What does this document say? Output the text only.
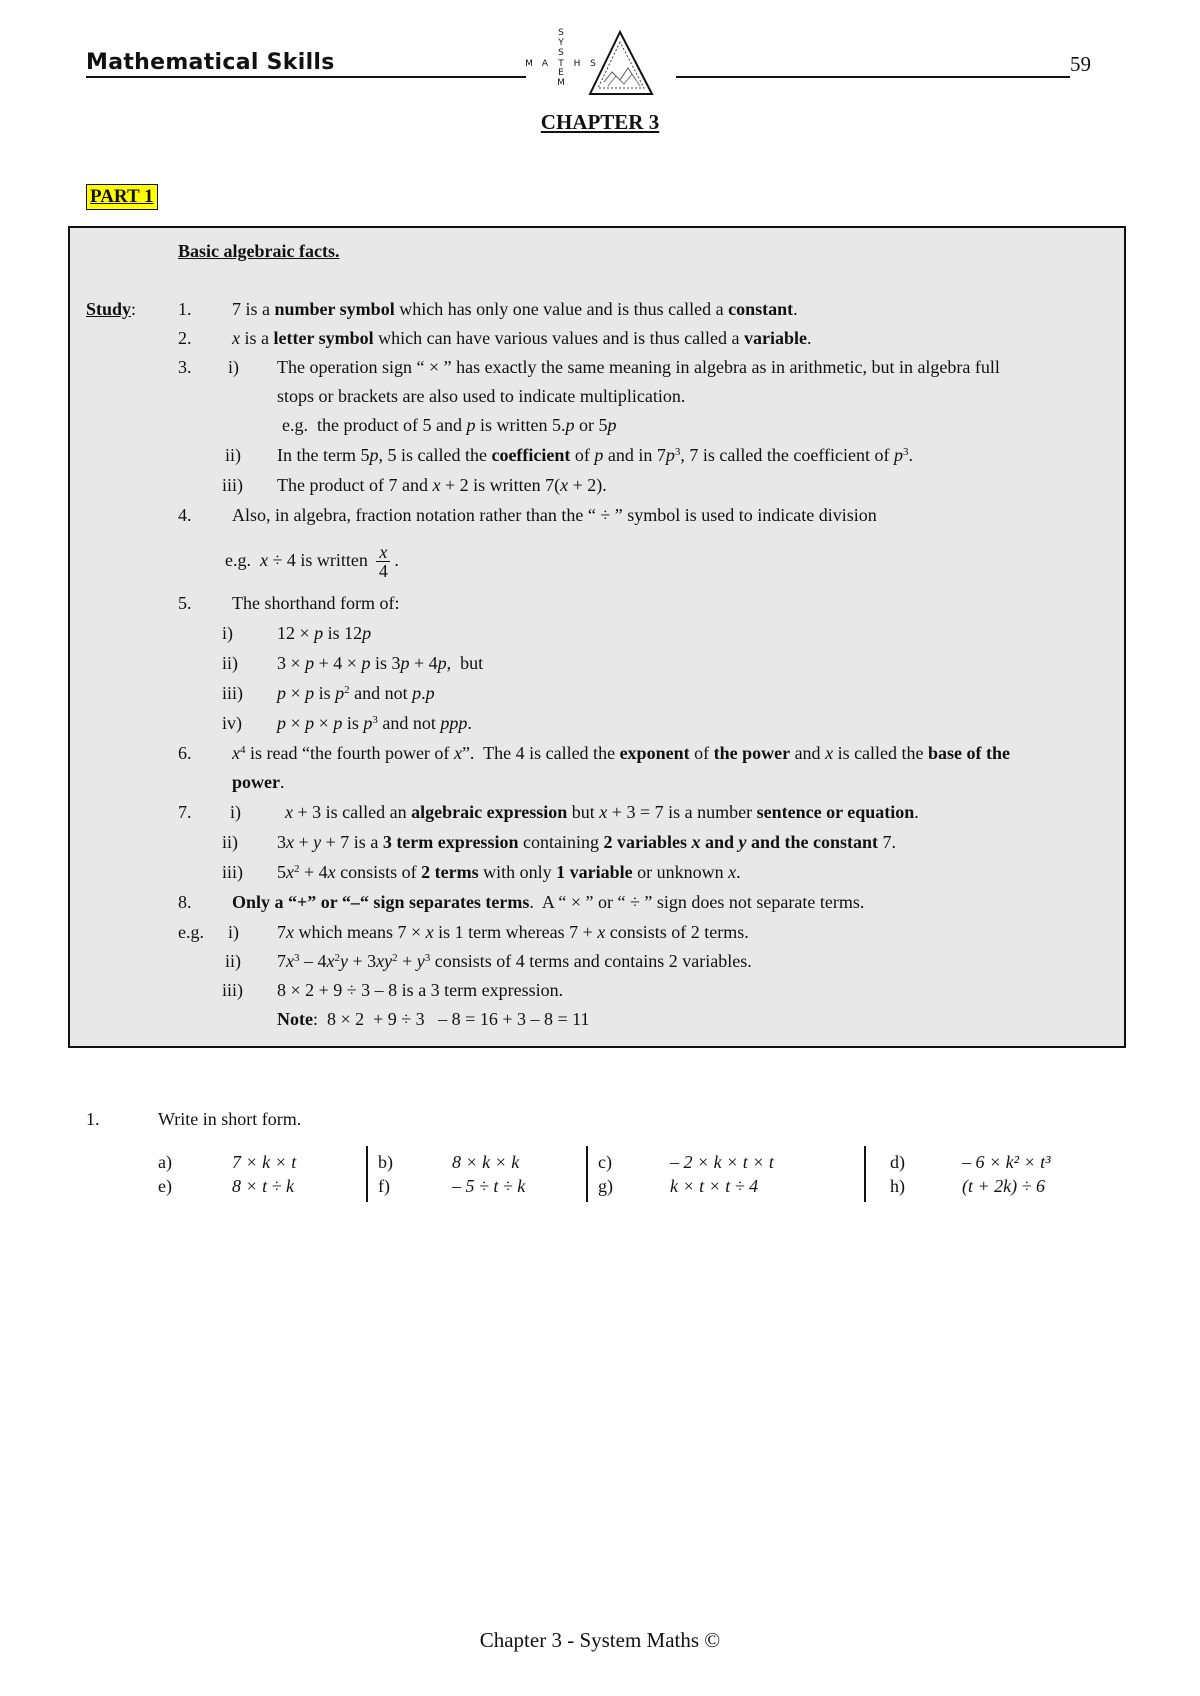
Mathematical Skills	59
S
Y
S
E
M
M A T H S
CHAPTER 3
PART 1
Basic algebraic facts.
Study: 1. 7 is a number symbol which has only one value and is thus called a constant.
2. x is a letter symbol which can have various values and is thus called a variable.
3. i) The operation sign “ × ” has exactly the same meaning in algebra as in arithmetic, but in algebra full
stops or brackets are also used to indicate multiplication.
e.g.  the product of 5 and p is written 5.p or 5p
ii) In the term 5p, 5 is called the coefficient of p and in $7p^3$, 7 is called the coefficient of $p^3$.
iii) The product of 7 and x + 2 is written 7(x + 2).
4. Also, in algebra, fraction notation rather than the “ ÷ ” symbol is used to indicate division
e.g.  x ÷ 4 is written $\frac{x}{4}$ .
5. The shorthand form of:
i) 12 × p is 12p
ii) 3 × p + 4 × p is 3p + 4p,  but
iii) p × p is $p^2$ and not p.p
iv) p × p × p is $p^3$ and not ppp.
6. $x^4$ is read “the fourth power of x”.  The 4 is called the exponent of the power and x is called the base of the
power.
7. i) x + 3 is called an algebraic expression but x + 3 = 7 is a number sentence or equation.
ii) 3x + y + 7 is a 3 term expression containing 2 variables x and y and the constant 7.
iii) $5x^2 + 4x$ consists of 2 terms with only 1 variable or unknown x.
8. Only a “+” or “–“ sign separates terms.  A “ × ” or “ ÷ ” sign does not separate terms.
e.g. i) 7x which means 7 × x is 1 term whereas 7 + x consists of 2 terms.
ii) $7x^3 - 4x^2y + 3xy^2 + y^3$ consists of 4 terms and contains 2 variables.
iii) 8 × 2 + 9 ÷ 3 – 8 is a 3 term expression.
Note:  8 × 2  + 9 ÷ 3   – 8 = 16 + 3 – 8 = 11
1.	Write in short form.
a)	7 × k × t	b)	8 × k × k	c)	– 2 × k × t × t	d)	– 6 × k² × t³
e)	8 × t ÷ k	f)	– 5 ÷ t ÷ k	g)	k × t × t ÷ 4	h)	(t + 2k) ÷ 6
Chapter 3 - System Maths ©
